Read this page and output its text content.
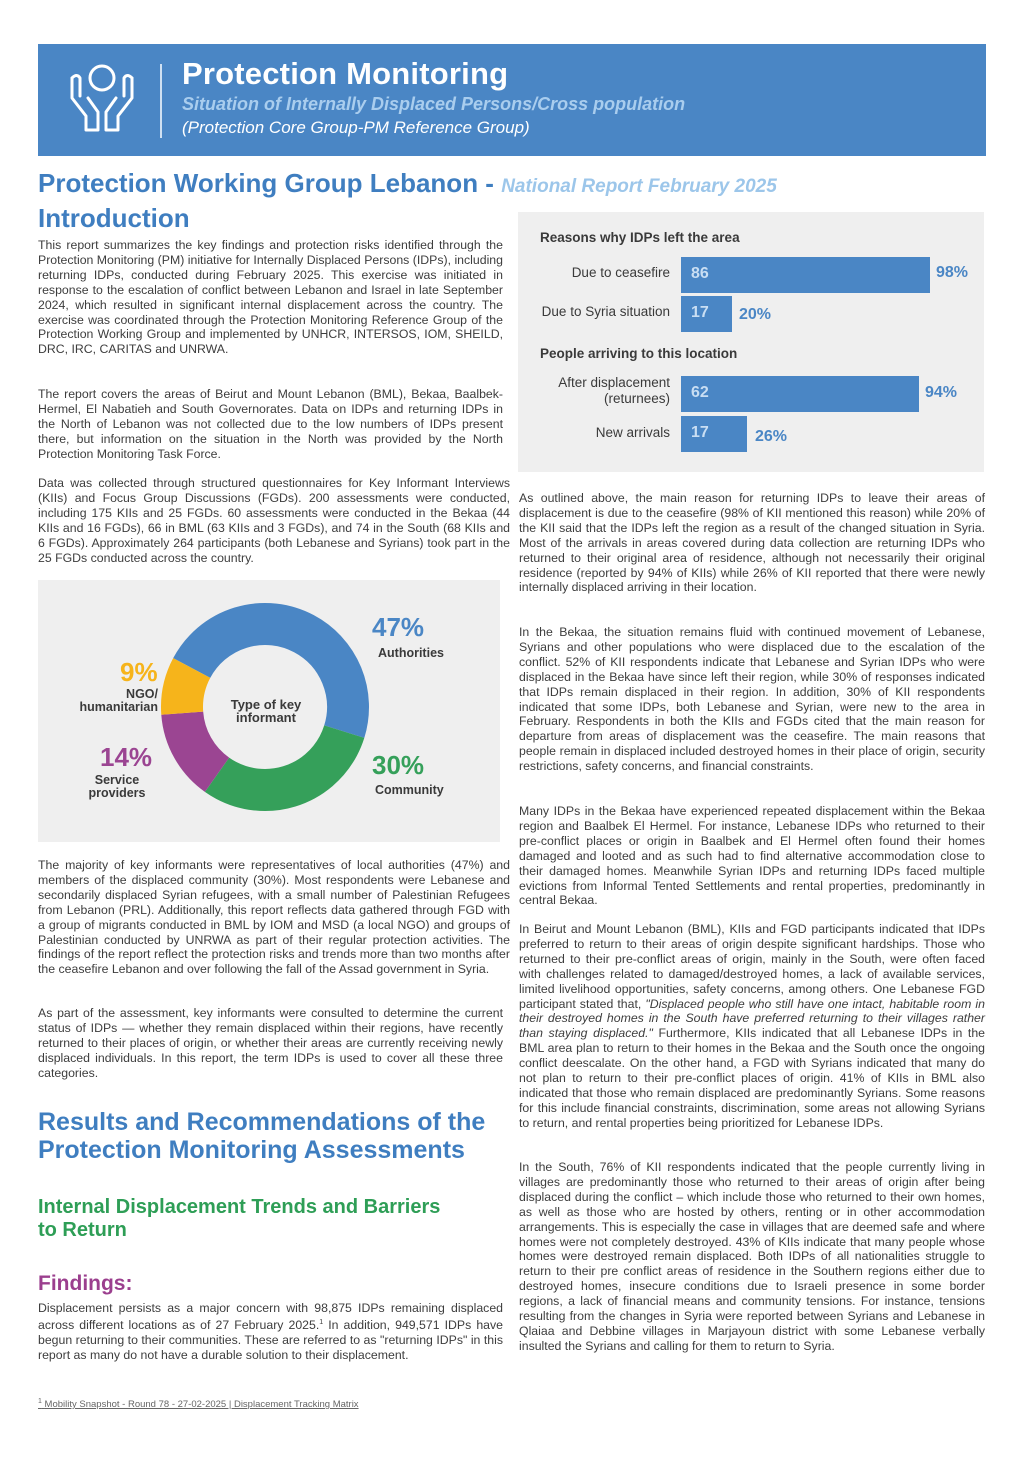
Protection Monitoring
Situation of Internally Displaced Persons/Cross population
(Protection Core Group-PM Reference Group)
Protection Working Group Lebanon - National Report February 2025
Introduction

This report summarizes the key findings and protection risks identified through the Protection Monitoring (PM) initiative for Internally Displaced Persons (IDPs), including returning IDPs, conducted during February 2025. This exercise was initiated in response to the escalation of conflict between Lebanon and Israel in late September 2024, which resulted in significant internal displacement across the country. The exercise was coordinated through the Protection Monitoring Reference Group of the Protection Working Group and implemented by UNHCR, INTERSOS, IOM, SHEILD, DRC, IRC, CARITAS and UNRWA.

The report covers the areas of Beirut and Mount Lebanon (BML), Bekaa, Baalbek-Hermel, El Nabatieh and South Governorates. Data on IDPs and returning IDPs in the North of Lebanon was not collected due to the low numbers of IDPs present there, but information on the situation in the North was provided by the North Protection Monitoring Task Force.

Data was collected through structured questionnaires for Key Informant Interviews (KIIs) and Focus Group Discussions (FGDs). 200 assessments were conducted, including 175 KIIs and 25 FGDs. 60 assessments were conducted in the Bekaa (44 KIIs and 16 FGDs), 66 in BML (63 KIIs and 3 FGDs), and 74 in the South (68 KIIs and 6 FGDs). Approximately 264 participants (both Lebanese and Syrians) took part in the 25 FGDs conducted across the country.

Type of key informant
47%
Authorities
30%
Community
14%
Service providers
9%
NGO/ humanitarian

The majority of key informants were representatives of local authorities (47%) and members of the displaced community (30%). Most respondents were Lebanese and secondarily displaced Syrian refugees, with a small number of Palestinian Refugees from Lebanon (PRL). Additionally, this report reflects data gathered through FGD with a group of migrants conducted in BML by IOM and MSD (a local NGO) and groups of Palestinian conducted by UNRWA as part of their regular protection activities. The findings of the report reflect the protection risks and trends more than two months after the ceasefire Lebanon and over following the fall of the Assad government in Syria.

As part of the assessment, key informants were consulted to determine the current status of IDPs — whether they remain displaced within their regions, have recently returned to their places of origin, or whether their areas are currently receiving newly displaced individuals. In this report, the term IDPs is used to cover all these three categories.

Results and Recommendations of the Protection Monitoring Assessments
Internal Displacement Trends and Barriers to Return
Findings:

Displacement persists as a major concern with 98,875 IDPs remaining displaced across different locations as of 27 February 2025.$^1$ In addition, 949,571 IDPs have begun returning to their communities. These are referred to as "returning IDPs" in this report as many do not have a durable solution to their displacement.

$^1$ Mobility Snapshot - Round 78 - 27-02-2025 | Displacement Tracking Matrix
Reasons why IDPs left the area
Due to ceasefire 86	98%
Due to Syria situation 17 20%
People arriving to this location
After displacement (returnees) 62	94%
New arrivals 17	26%

As outlined above, the main reason for returning IDPs to leave their areas of displacement is due to the ceasefire (98% of KII mentioned this reason) while 20% of the KII said that the IDPs left the region as a result of the changed situation in Syria. Most of the arrivals in areas covered during data collection are returning IDPs who returned to their original area of residence, although not necessarily their original residence (reported by 94% of KIIs) while 26% of KII reported that there were newly internally displaced arriving in their location.

In the Bekaa, the situation remains fluid with continued movement of Lebanese, Syrians and other populations who were displaced due to the escalation of the conflict. 52% of KII respondents indicate that Lebanese and Syrian IDPs who were displaced in the Bekaa have since left their region, while 30% of responses indicated that IDPs remain displaced in their region. In addition, 30% of KII respondents indicated that some IDPs, both Lebanese and Syrian, were new to the area in February. Respondents in both the KIIs and FGDs cited that the main reason for departure from areas of displacement was the ceasefire. The main reasons that people remain in displaced included destroyed homes in their place of origin, security restrictions, safety concerns, and financial constraints.

Many IDPs in the Bekaa have experienced repeated displacement within the Bekaa region and Baalbek El Hermel. For instance, Lebanese IDPs who returned to their pre-conflict places or origin in Baalbek and El Hermel often found their homes damaged and looted and as such had to find alternative accommodation close to their damaged homes. Meanwhile Syrian IDPs and returning IDPs faced multiple evictions from Informal Tented Settlements and rental properties, predominantly in central Bekaa.

In Beirut and Mount Lebanon (BML), KIIs and FGD participants indicated that IDPs preferred to return to their areas of origin despite significant hardships. Those who returned to their pre-conflict areas of origin, mainly in the South, were often faced with challenges related to damaged/destroyed homes, a lack of available services, limited livelihood opportunities, safety concerns, among others. One Lebanese FGD participant stated that, "Displaced people who still have one intact, habitable room in their destroyed homes in the South have preferred returning to their villages rather than staying displaced." Furthermore, KIIs indicated that all Lebanese IDPs in the BML area plan to return to their homes in the Bekaa and the South once the ongoing conflict deescalate. On the other hand, a FGD with Syrians indicated that many do not plan to return to their pre-conflict places of origin. 41% of KIIs in BML also indicated that those who remain displaced are predominantly Syrians. Some reasons for this include financial constraints, discrimination, some areas not allowing Syrians to return, and rental properties being prioritized for Lebanese IDPs.

In the South, 76% of KII respondents indicated that the people currently living in villages are predominantly those who returned to their areas of origin after being displaced during the conflict – which include those who returned to their own homes, as well as those who are hosted by others, renting or in other accommodation arrangements. This is especially the case in villages that are deemed safe and where homes were not completely destroyed. 43% of KIIs indicate that many people whose homes were destroyed remain displaced. Both IDPs of all nationalities struggle to return to their pre conflict areas of residence in the Southern regions either due to destroyed homes, insecure conditions due to Israeli presence in some border regions, a lack of financial means and community tensions. For instance, tensions resulting from the changes in Syria were reported between Syrians and Lebanese in Qlaiaa and Debbine villages in Marjayoun district with some Lebanese verbally insulted the Syrians and calling for them to return to Syria.
